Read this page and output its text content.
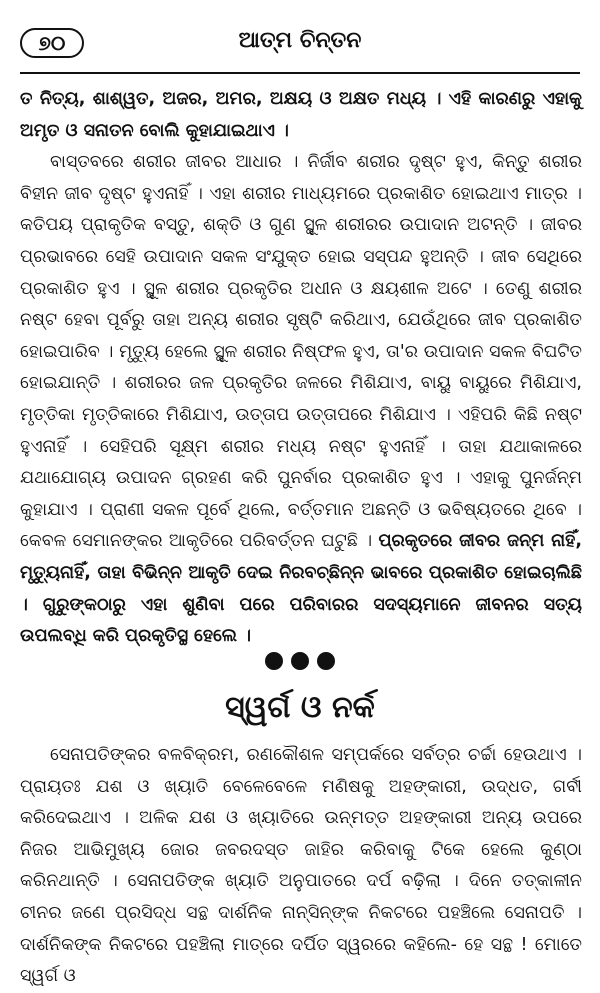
୭୦	ଆତ୍ମ ଚିନ୍ତନ

ତ ନିତ୍ୟ, ଶାଶ୍ୱତ, ଅଜର, ଅମର, ଅକ୍ଷୟ ଓ ଅକ୍ଷତ ମଧ୍ୟ । ଏହି କାରଣରୁ ଏହାକୁ ଅମୃତ ଓ ସନାତନ ବୋଲି କୁହାଯାଇଥାଏ ।

ବାସ୍ତବରେ ଶରୀର ଜୀବର ଆଧାର । ନିର୍ଜୀବ ଶରୀର ଦୃଷ୍ଟ ହୁଏ, କିନ୍ତୁ ଶରୀର ବିହୀନ ଜୀବ ଦୃଷ୍ଟ ହୁଏନାହିଁ । ଏହା ଶରୀର ମାଧ୍ୟମରେ ପ୍ରକାଶିତ ହୋଇଥାଏ ମାତ୍ର । କତିପୟ ପ୍ରାକୃତିକ ବସ୍ତୁ, ଶକ୍ତି ଓ ଗୁଣ ସ୍ଥୂଳ ଶରୀରର ଉପାଦାନ ଅଟନ୍ତି । ଜୀବର ପ୍ରଭାବରେ ସେହି ଉପାଦାନ ସକଳ ସଂଯୁକ୍ତ ହୋଇ ସସ୍ପନ୍ଦ ହୁଅନ୍ତି । ଜୀବ ସେଥିରେ ପ୍ରକାଶିତ ହୁଏ । ସ୍ଥୂଳ ଶରୀର ପ୍ରକୃତିର ଅଧୀନ ଓ କ୍ଷୟଶୀଳ ଅଟେ । ତେଣୁ ଶରୀର ନଷ୍ଟ ହେବା ପୂର୍ବରୁ ତାହା ଅନ୍ୟ ଶରୀର ସୃଷ୍ଟି କରିଥାଏ, ଯେଉଁଥିରେ ଜୀବ ପ୍ରକାଶିତ ହୋଇପାରିବ । ମୃତ୍ୟୁ ହେଲେ ସ୍ଥୂଳ ଶରୀର ନିଷ୍ଫଳ ହୁଏ, ତା'ର ଉପାଦାନ ସକଳ ବିଘଟିତ ହୋଇଯାନ୍ତି । ଶରୀରର ଜଳ ପ୍ରକୃତିର ଜଳରେ ମିଶିଯାଏ, ବାୟୁ ବାୟୁରେ ମିଶିଯାଏ, ମୃତ୍ତିକା ମୃତ୍ତିକାରେ ମିଶିଯାଏ, ଉତ୍ତାପ ଉତ୍ତାପରେ ମିଶିଯାଏ । ଏହିପରି କିଛି ନଷ୍ଟ ହୁଏନାହିଁ । ସେହିପରି ସୂକ୍ଷ୍ମ ଶରୀର ମଧ୍ୟ ନଷ୍ଟ ହୁଏନାହିଁ । ତାହା ଯଥାକାଳରେ ଯଥାଯୋଗ୍ୟ ଉପାଦନ ଗ୍ରହଣ କରି ପୁନର୍ବାର ପ୍ରକାଶିତ ହୁଏ । ଏହାକୁ ପୁନର୍ଜନ୍ମ କୁହାଯାଏ । ପ୍ରାଣୀ ସକଳ ପୂର୍ବେ ଥିଲେ, ବର୍ତ୍ତମାନ ଅଛନ୍ତି ଓ ଭବିଷ୍ୟତରେ ଥିବେ । କେବଳ ସେମାନଙ୍କର ଆକୃତିରେ ପରିବର୍ତ୍ତନ ଘଟୁଛି । ପ୍ରକୃତରେ ଜୀବର ଜନ୍ମ ନାହିଁ, ମୃତ୍ୟୁନାହିଁ, ତାହା ବିଭିନ୍ନ ଆକୃତି ଦେଇ ନିରବଚ୍ଛିନ୍ନ ଭାବରେ ପ୍ରକାଶିତ ହୋଇଚାଲିଛି । ଗୁରୁଙ୍କଠାରୁ ଏହା ଶୁଣିବା ପରେ ପରିବାରର ସଦସ୍ୟମାନେ ଜୀବନର ସତ୍ୟ ଉପଲବ୍ଧି କରି ପ୍ରକୃତିସ୍ଥ ହେଲେ ।

ସ୍ୱର୍ଗ ଓ ନର୍କ

ସେନାପତିଙ୍କର ବଳବିକ୍ରମ, ରଣକୌଶଳ ସମ୍ପର୍କରେ ସର୍ବତ୍ର ଚର୍ଚ୍ଚା ହେଉଥାଏ । ପ୍ରାୟତଃ ଯଶ ଓ ଖ୍ୟାତି ବେଳେବେଳେ ମଣିଷକୁ ଅହଙ୍କାରୀ, ଉଦ୍ଧତ, ଗର୍ବୀ କରିଦେଇଥାଏ । ଅଳିକ ଯଶ ଓ ଖ୍ୟାତିରେ ଉନ୍ମତ୍ତ ଅହଙ୍କାରୀ ଅନ୍ୟ ଉପରେ ନିଜର ଆଭିମୁଖ୍ୟ ଜୋର ଜବରଦସ୍ତ ଜାହିର କରିବାକୁ ଟିକେ ହେଲେ କୁଣ୍ଠା କରିନଥାନ୍ତି । ସେନାପତିଙ୍କ ଖ୍ୟାତି ଅନୁପାତରେ ଦର୍ପ ବଢ଼ିଲା । ଦିନେ ତତ୍କାଳୀନ ଚୀନର ଜଣେ ପ୍ରସିଦ୍ଧ ସନ୍ଥ ଦାର୍ଶନିକ ନାନ୍‌ସିନ୍‌ଙ୍କ ନିକଟରେ ପହଞ୍ଚିଲେ ସେନାପତି । ଦାର୍ଶନିକଙ୍କ ନିକଟରେ ପହଞ୍ଚିଲା ମାତ୍ରେ ଦର୍ପିତ ସ୍ୱରରେ କହିଲେ- ହେ ସନ୍ଥ ! ମୋତେ ସ୍ୱର୍ଗ ଓ
